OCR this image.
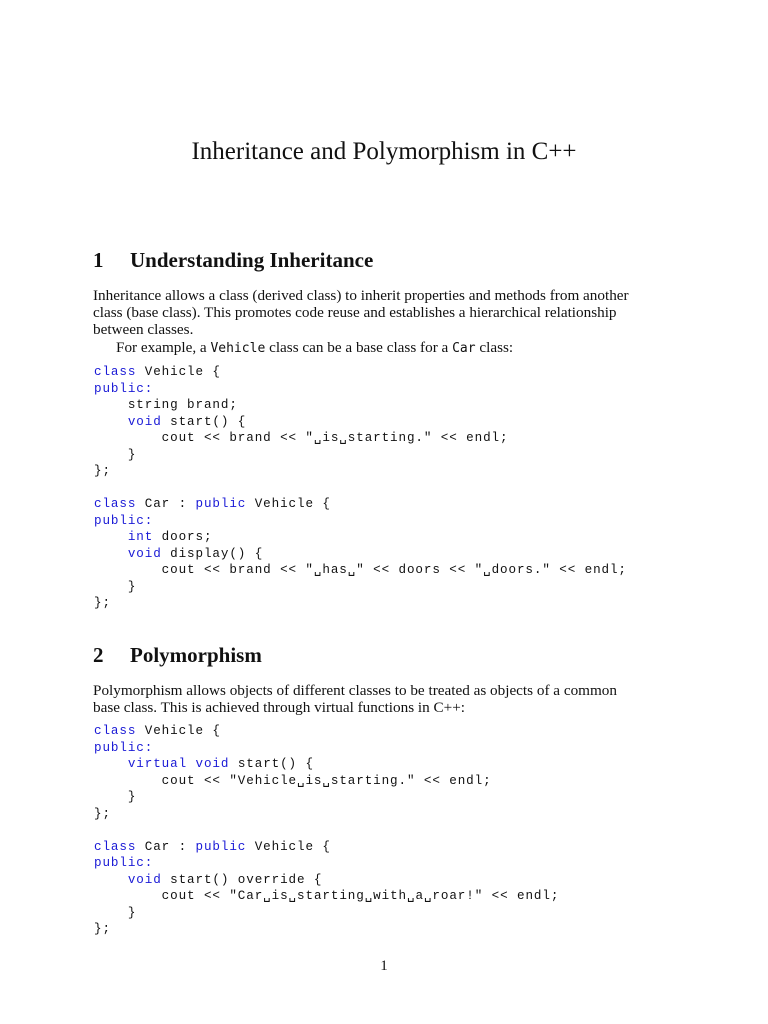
Inheritance and Polymorphism in C++
1 Understanding Inheritance
Inheritance allows a class (derived class) to inherit properties and methods from another
class (base class). This promotes code reuse and establishes a hierarchical relationship
between classes.
For example, a Vehicle class can be a base class for a Car class:
class Vehicle {
public:
string brand;
void start() {
cout << brand << "␣is␣starting." << endl;
}
};

class Car : public Vehicle {
public:
int doors;
void display() {
cout << brand << "␣has␣" << doors << "␣doors." << endl;
}
};
2 Polymorphism
Polymorphism allows objects of different classes to be treated as objects of a common
base class. This is achieved through virtual functions in C++:
class Vehicle {
public:
virtual void start() {
cout << "Vehicle␣is␣starting." << endl;
}
};

class Car : public Vehicle {
public:
void start() override {
cout << "Car␣is␣starting␣with␣a␣roar!" << endl;
}
};
1
